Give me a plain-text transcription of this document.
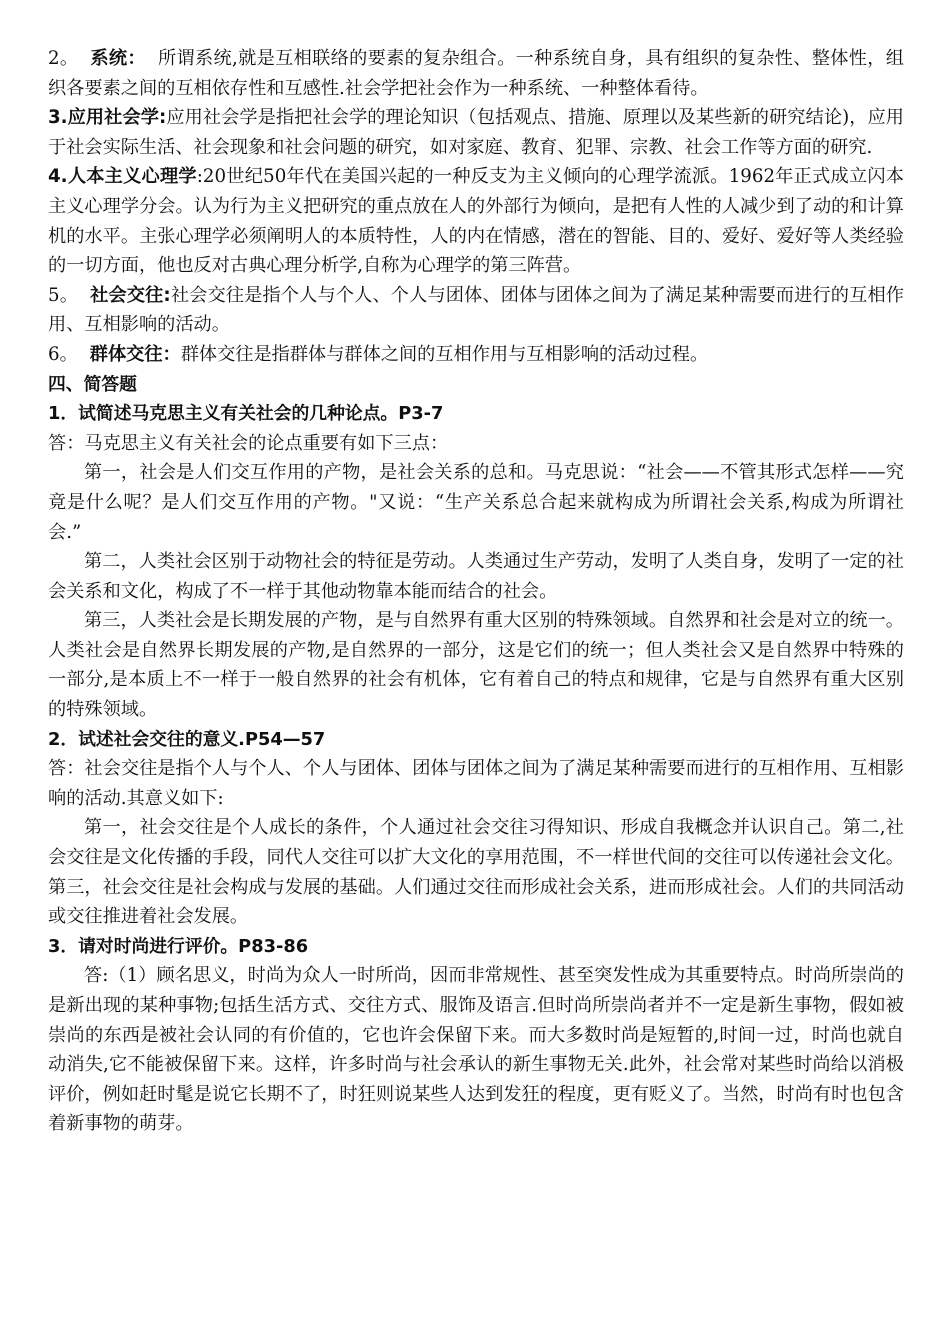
2。 系统： 所谓系统,就是互相联络的要素的复杂组合。一种系统自身，具有组织的复杂性、整体性，组织各要素之间的互相依存性和互感性.社会学把社会作为一种系统、一种整体看待。

3.应用社会学:应用社会学是指把社会学的理论知识（包括观点、措施、原理以及某些新的研究结论)，应用于社会实际生活、社会现象和社会问题的研究，如对家庭、教育、犯罪、宗教、社会工作等方面的研究.

4.人本主义心理学:20世纪50年代在美国兴起的一种反支为主义倾向的心理学流派。1962年正式成立闪本主义心理学分会。认为行为主义把研究的重点放在人的外部行为倾向，是把有人性的人减少到了动的和计算机的水平。主张心理学必须阐明人的本质特性，人的内在情感，潜在的智能、目的、爱好、爱好等人类经验的一切方面，他也反对古典心理分析学,自称为心理学的第三阵营。

5。 社会交往:社会交往是指个人与个人、个人与团体、团体与团体之间为了满足某种需要而进行的互相作用、互相影响的活动。

6。 群体交往：群体交往是指群体与群体之间的互相作用与互相影响的活动过程。

四、简答题

1．试简述马克思主义有关社会的几种论点。P3-7

答：马克思主义有关社会的论点重要有如下三点：

第一，社会是人们交互作用的产物，是社会关系的总和。马克思说：“社会——不管其形式怎样——究竟是什么呢？是人们交互作用的产物。"又说：“生产关系总合起来就构成为所谓社会关系,构成为所谓社会.”

第二，人类社会区别于动物社会的特征是劳动。人类通过生产劳动，发明了人类自身，发明了一定的社会关系和文化，构成了不一样于其他动物靠本能而结合的社会。

第三，人类社会是长期发展的产物，是与自然界有重大区别的特殊领域。自然界和社会是对立的统一。人类社会是自然界长期发展的产物,是自然界的一部分，这是它们的统一；但人类社会又是自然界中特殊的一部分,是本质上不一样于一般自然界的社会有机体，它有着自己的特点和规律，它是与自然界有重大区别的特殊领域。

2．试述社会交往的意义.P54—57

答：社会交往是指个人与个人、个人与团体、团体与团体之间为了满足某种需要而进行的互相作用、互相影响的活动.其意义如下:

第一，社会交往是个人成长的条件，个人通过社会交往习得知识、形成自我概念并认识自己。第二,社会交往是文化传播的手段，同代人交往可以扩大文化的享用范围，不一样世代间的交往可以传递社会文化。第三，社会交往是社会构成与发展的基础。人们通过交往而形成社会关系，进而形成社会。人们的共同活动或交往推进着社会发展。

3．请对时尚进行评价。P83-86

答:（1）顾名思义，时尚为众人一时所尚，因而非常规性、甚至突发性成为其重要特点。时尚所崇尚的是新出现的某种事物;包括生活方式、交往方式、服饰及语言.但时尚所崇尚者并不一定是新生事物，假如被崇尚的东西是被社会认同的有价值的，它也许会保留下来。而大多数时尚是短暂的,时间一过，时尚也就自动消失,它不能被保留下来。这样，许多时尚与社会承认的新生事物无关.此外，社会常对某些时尚给以消极评价，例如赶时髦是说它长期不了，时狂则说某些人达到发狂的程度，更有贬义了。当然，时尚有时也包含着新事物的萌芽。
